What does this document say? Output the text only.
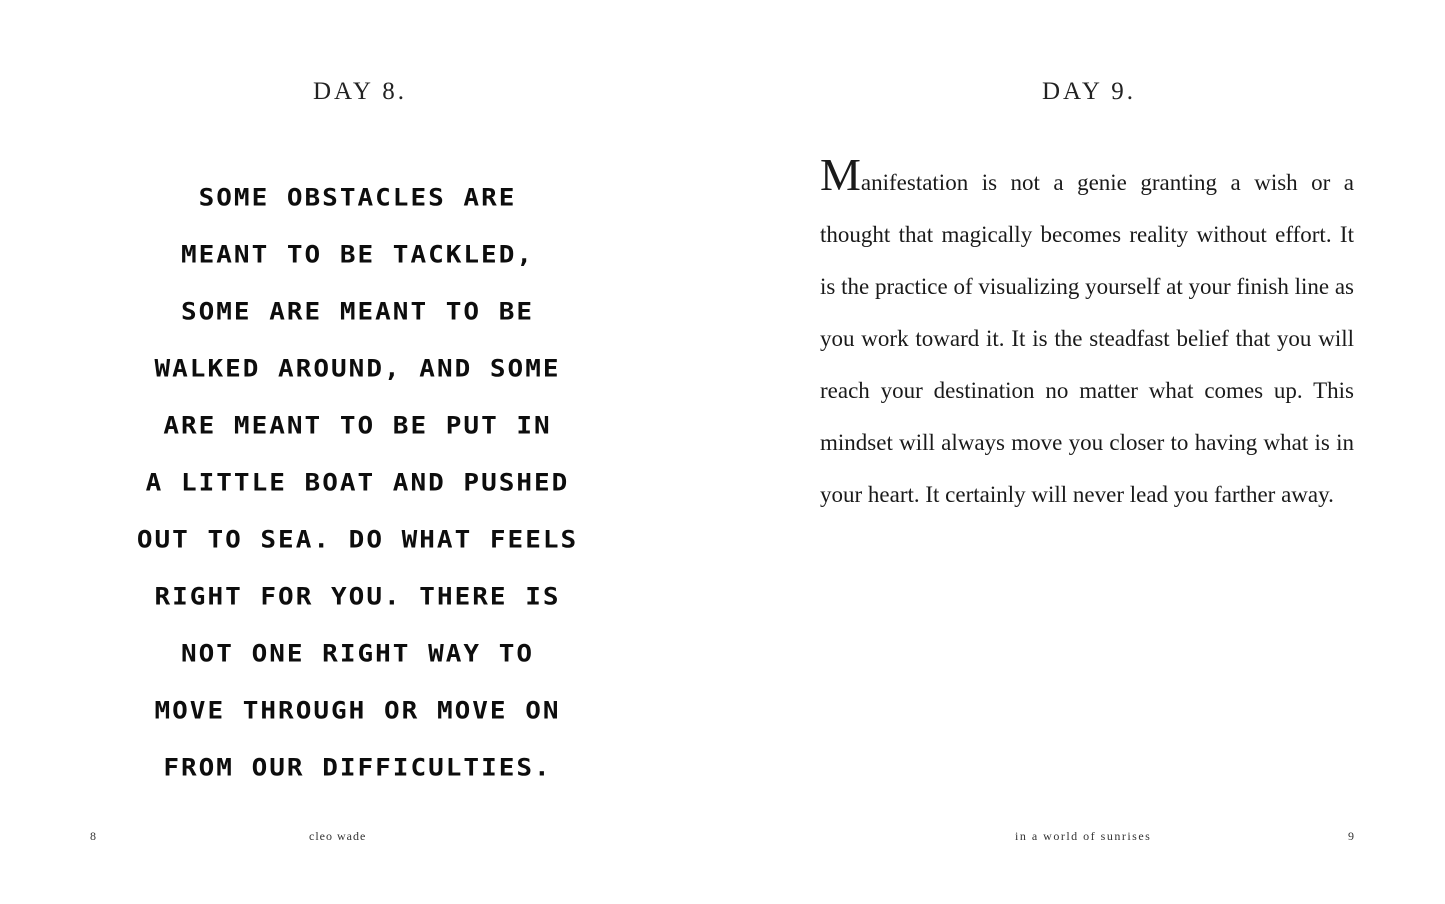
DAY 8.
SOME OBSTACLES ARE
MEANT TO BE TACKLED,
SOME ARE MEANT TO BE
WALKED AROUND, AND SOME
ARE MEANT TO BE PUT IN
A LITTLE BOAT AND PUSHED
OUT TO SEA. DO WHAT FEELS
RIGHT FOR YOU. THERE IS
NOT ONE RIGHT WAY TO
MOVE THROUGH OR MOVE ON
FROM OUR DIFFICULTIES.
8	cleo wade
DAY 9.

Manifestation is not a genie granting a wish or a thought that magically becomes reality without effort. It is the practice of visualizing yourself at your finish line as you work toward it. It is the steadfast belief that you will reach your destination no matter what comes up. This mindset will always move you closer to having what is in your heart. It certainly will never lead you farther away.

in a world of sunrises	9
